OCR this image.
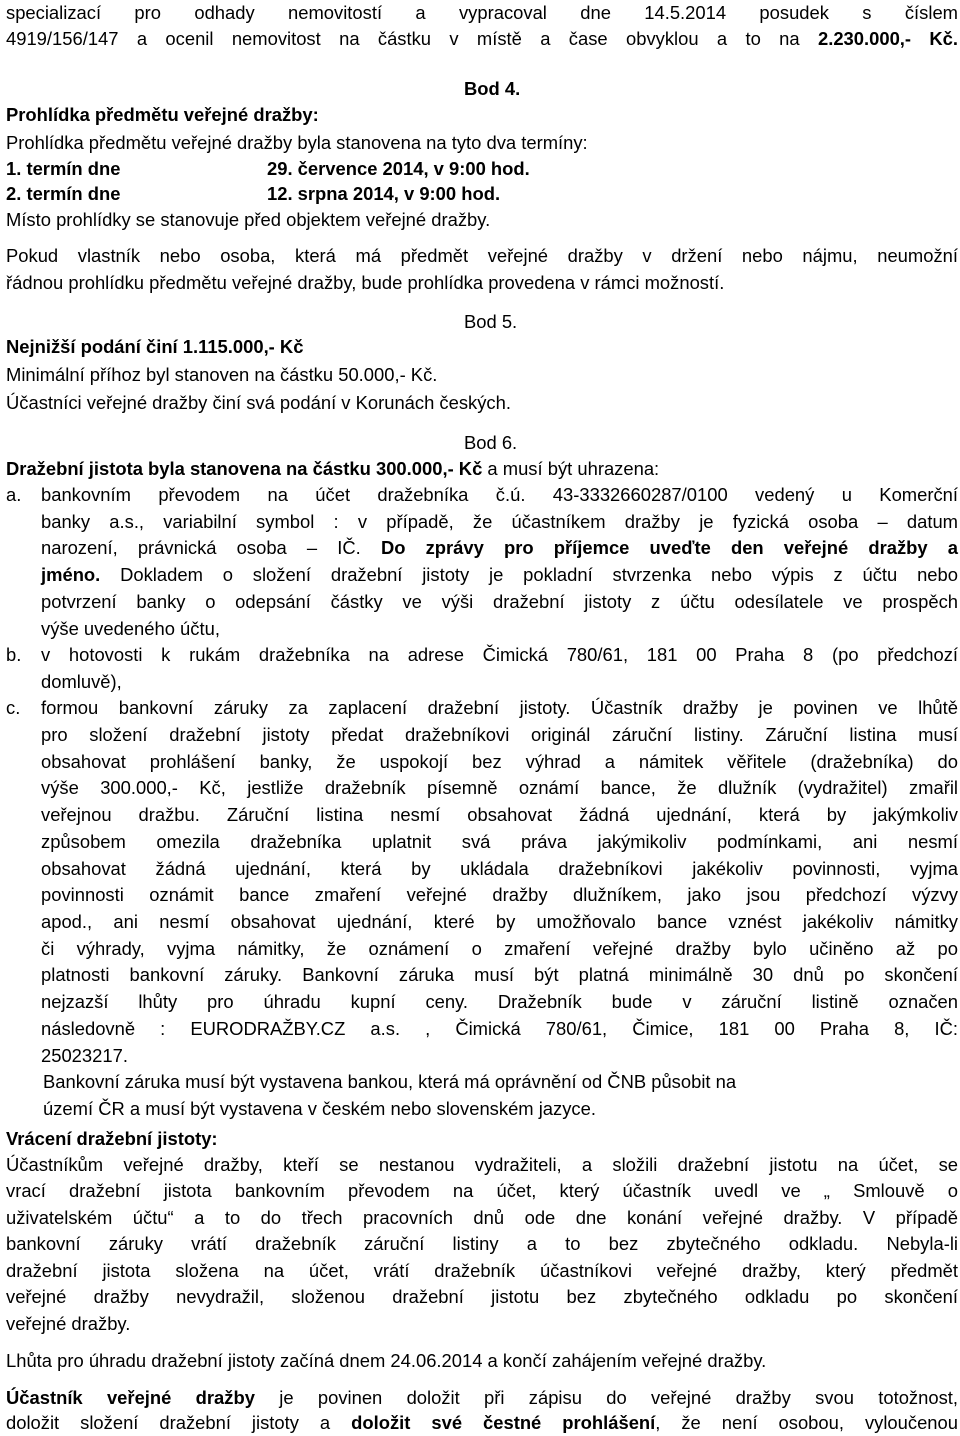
specializací pro odhady nemovitostí a vypracoval dne 14.5.2014 posudek s číslem
4919/156/147 a ocenil nemovitost na částku v místě a čase obvyklou a to na 2.230.000,- Kč.
Bod 4.
Prohlídka předmětu veřejné dražby:
Prohlídka předmětu veřejné dražby byla stanovena na tyto dva termíny:
1. termín dne	29. července 2014, v 9:00 hod.
2. termín dne	12. srpna 2014, v 9:00 hod.
Místo prohlídky se stanovuje před objektem veřejné dražby.
Pokud vlastník nebo osoba, která má předmět veřejné dražby v držení nebo nájmu, neumožní
řádnou prohlídku předmětu veřejné dražby, bude prohlídka provedena v rámci možností.
Bod 5.
Nejnižší podání činí 1.115.000,- Kč
Minimální příhoz byl stanoven na částku 50.000,- Kč.
Účastníci veřejné dražby činí svá podání v Korunách českých.
Bod 6.
Dražební jistota byla stanovena na částku 300.000,- Kč a musí být uhrazena:
a. bankovním převodem na účet dražebníka č.ú. 43-3332660287/0100 vedený u Komerční
banky a.s., variabilní symbol : v případě, že účastníkem dražby je fyzická osoba – datum
narození, právnická osoba – IČ. Do zprávy pro příjemce uveďte den veřejné dražby a
jméno. Dokladem o složení dražební jistoty je pokladní stvrzenka nebo výpis z účtu nebo
potvrzení banky o odepsání částky ve výši dražební jistoty z účtu odesílatele ve prospěch
výše uvedeného účtu,
b. v hotovosti k rukám dražebníka na adrese Čimická 780/61, 181 00 Praha 8 (po předchozí
domluvě),
c. formou bankovní záruky za zaplacení dražební jistoty. Účastník dražby je povinen ve lhůtě
pro složení dražební jistoty předat dražebníkovi originál záruční listiny. Záruční listina musí
obsahovat prohlášení banky, že uspokojí bez výhrad a námitek věřitele (dražebníka) do
výše 300.000,- Kč, jestliže dražebník písemně oznámí bance, že dlužník (vydražitel) zmařil
veřejnou dražbu. Záruční listina nesmí obsahovat žádná ujednání, která by jakýmkoliv
způsobem omezila dražebníka uplatnit svá práva jakýmikoliv podmínkami, ani nesmí
obsahovat žádná ujednání, která by ukládala dražebníkovi jakékoliv povinnosti, vyjma
povinnosti oznámit bance zmaření veřejné dražby dlužníkem, jako jsou předchozí výzvy
apod., ani nesmí obsahovat ujednání, které by umožňovalo bance vznést jakékoliv námitky
či výhrady, vyjma námitky, že oznámení o zmaření veřejné dražby bylo učiněno až po
platnosti bankovní záruky. Bankovní záruka musí být platná minimálně 30 dnů po skončení
nejzazší lhůty pro úhradu kupní ceny. Dražebník bude v záruční listině označen
následovně : EURODRAŽBY.CZ a.s. , Čimická 780/61, Čimice, 181 00 Praha 8, IČ:
25023217.
Bankovní záruka musí být vystavena bankou, která má oprávnění od ČNB působit na
území ČR a musí být vystavena v českém nebo slovenském jazyce.
Vrácení dražební jistoty:
Účastníkům veřejné dražby, kteří se nestanou vydražiteli, a složili dražební jistotu na účet, se
vrací dražební jistota bankovním převodem na účet, který účastník uvedl ve „ Smlouvě o
uživatelském účtu“ a to do třech pracovních dnů ode dne konání veřejné dražby. V případě
bankovní záruky vrátí dražebník záruční listiny a to bez zbytečného odkladu. Nebyla-li
dražební jistota složena na účet, vrátí dražebník účastníkovi veřejné dražby, který předmět
veřejné dražby nevydražil, složenou dražební jistotu bez zbytečného odkladu po skončení
veřejné dražby.
Lhůta pro úhradu dražební jistoty začíná dnem 24.06.2014 a končí zahájením veřejné dražby.
Účastník veřejné dražby je povinen doložit při zápisu do veřejné dražby svou totožnost,
doložit složení dražební jistoty a doložit své čestné prohlášení, že není osobou, vyloučenou
